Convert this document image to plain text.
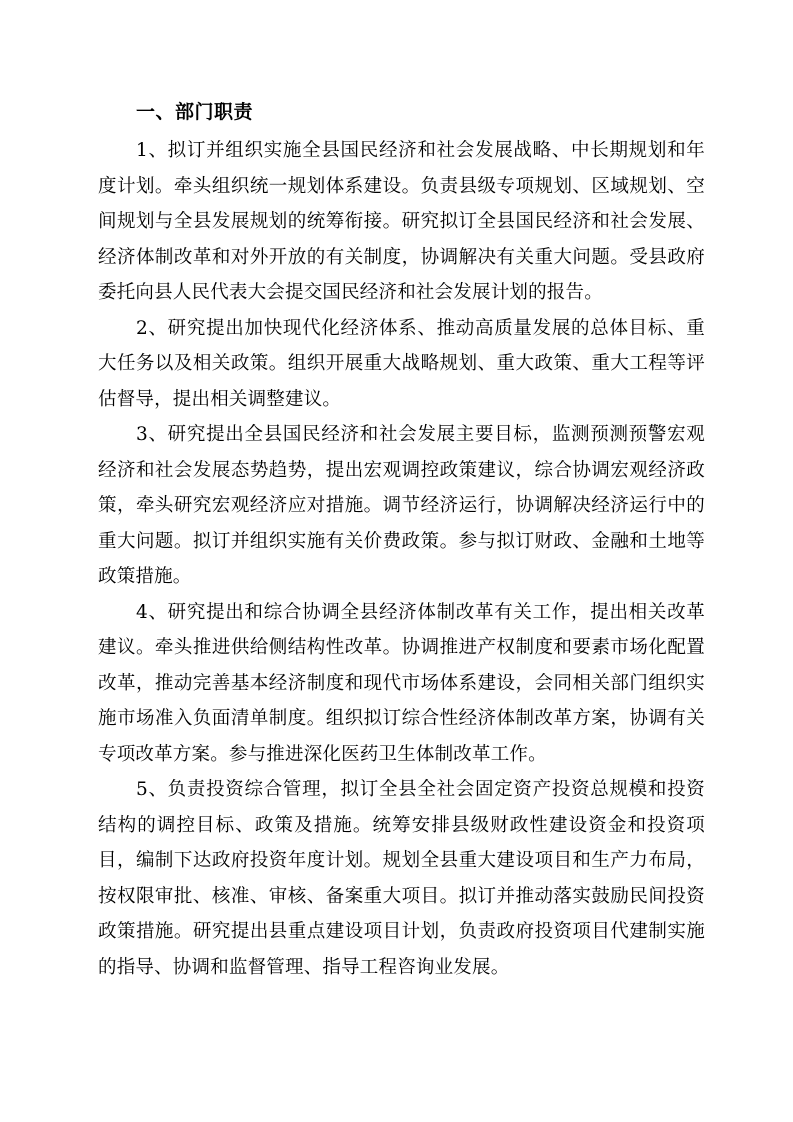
一、部门职责

1、拟订并组织实施全县国民经济和社会发展战略、中长期规划和年度计划。牵头组织统一规划体系建设。负责县级专项规划、区域规划、空间规划与全县发展规划的统筹衔接。研究拟订全县国民经济和社会发展、经济体制改革和对外开放的有关制度，协调解决有关重大问题。受县政府委托向县人民代表大会提交国民经济和社会发展计划的报告。

2、研究提出加快现代化经济体系、推动高质量发展的总体目标、重大任务以及相关政策。组织开展重大战略规划、重大政策、重大工程等评估督导，提出相关调整建议。

3、研究提出全县国民经济和社会发展主要目标，监测预测预警宏观经济和社会发展态势趋势，提出宏观调控政策建议，综合协调宏观经济政策，牵头研究宏观经济应对措施。调节经济运行，协调解决经济运行中的重大问题。拟订并组织实施有关价费政策。参与拟订财政、金融和土地等政策措施。

4、研究提出和综合协调全县经济体制改革有关工作，提出相关改革建议。牵头推进供给侧结构性改革。协调推进产权制度和要素市场化配置改革，推动完善基本经济制度和现代市场体系建设，会同相关部门组织实施市场准入负面清单制度。组织拟订综合性经济体制改革方案，协调有关专项改革方案。参与推进深化医药卫生体制改革工作。

5、负责投资综合管理，拟订全县全社会固定资产投资总规模和投资结构的调控目标、政策及措施。统筹安排县级财政性建设资金和投资项目，编制下达政府投资年度计划。规划全县重大建设项目和生产力布局，按权限审批、核准、审核、备案重大项目。拟订并推动落实鼓励民间投资政策措施。研究提出县重点建设项目计划，负责政府投资项目代建制实施的指导、协调和监督管理、指导工程咨询业发展。
